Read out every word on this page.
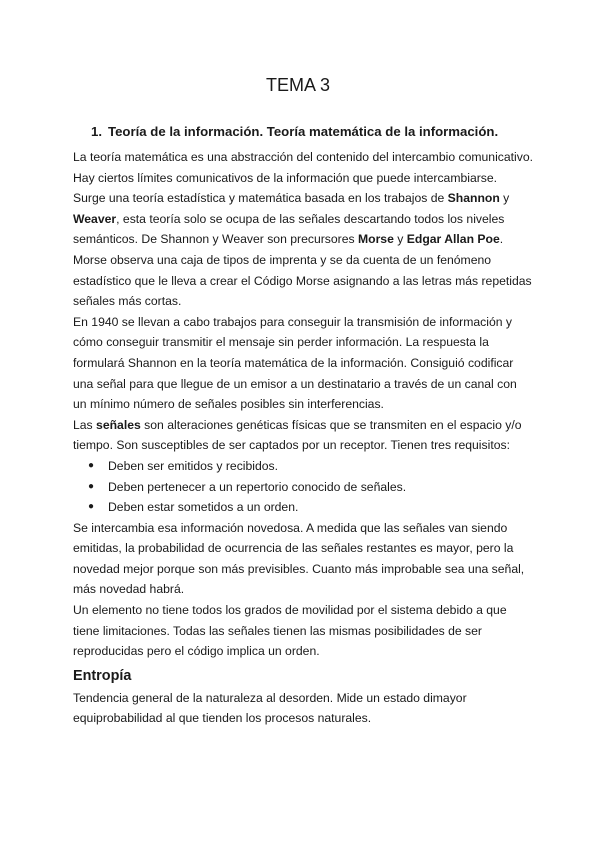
TEMA 3
1. Teoría de la información. Teoría matemática de la información.

La teoría matemática es una abstracción del contenido del intercambio comunicativo. Hay ciertos límites comunicativos de la información que puede intercambiarse.

Surge una teoría estadística y matemática basada en los trabajos de Shannon y Weaver, esta teoría solo se ocupa de las señales descartando todos los niveles semánticos. De Shannon y Weaver son precursores Morse y Edgar Allan Poe. Morse observa una caja de tipos de imprenta y se da cuenta de un fenómeno estadístico que le lleva a crear el Código Morse asignando a las letras más repetidas señales más cortas.

En 1940 se llevan a cabo trabajos para conseguir la transmisión de información y cómo conseguir transmitir el mensaje sin perder información. La respuesta la formulará Shannon en la teoría matemática de la información. Consiguió codificar una señal para que llegue de un emisor a un destinatario a través de un canal con un mínimo número de señales posibles sin interferencias.

Las señales son alteraciones genéticas físicas que se transmiten en el espacio y/o tiempo. Son susceptibles de ser captados por un receptor. Tienen tres requisitos:

● Deben ser emitidos y recibidos.
● Deben pertenecer a un repertorio conocido de señales.
● Deben estar sometidos a un orden.

Se intercambia esa información novedosa. A medida que las señales van siendo emitidas, la probabilidad de ocurrencia de las señales restantes es mayor, pero la novedad mejor porque son más previsibles. Cuanto más improbable sea una señal, más novedad habrá.

Un elemento no tiene todos los grados de movilidad por el sistema debido a que tiene limitaciones. Todas las señales tienen las mismas posibilidades de ser reproducidas pero el código implica un orden.

Entropía

Tendencia general de la naturaleza al desorden. Mide un estado dimayor equiprobabilidad al que tienden los procesos naturales.
